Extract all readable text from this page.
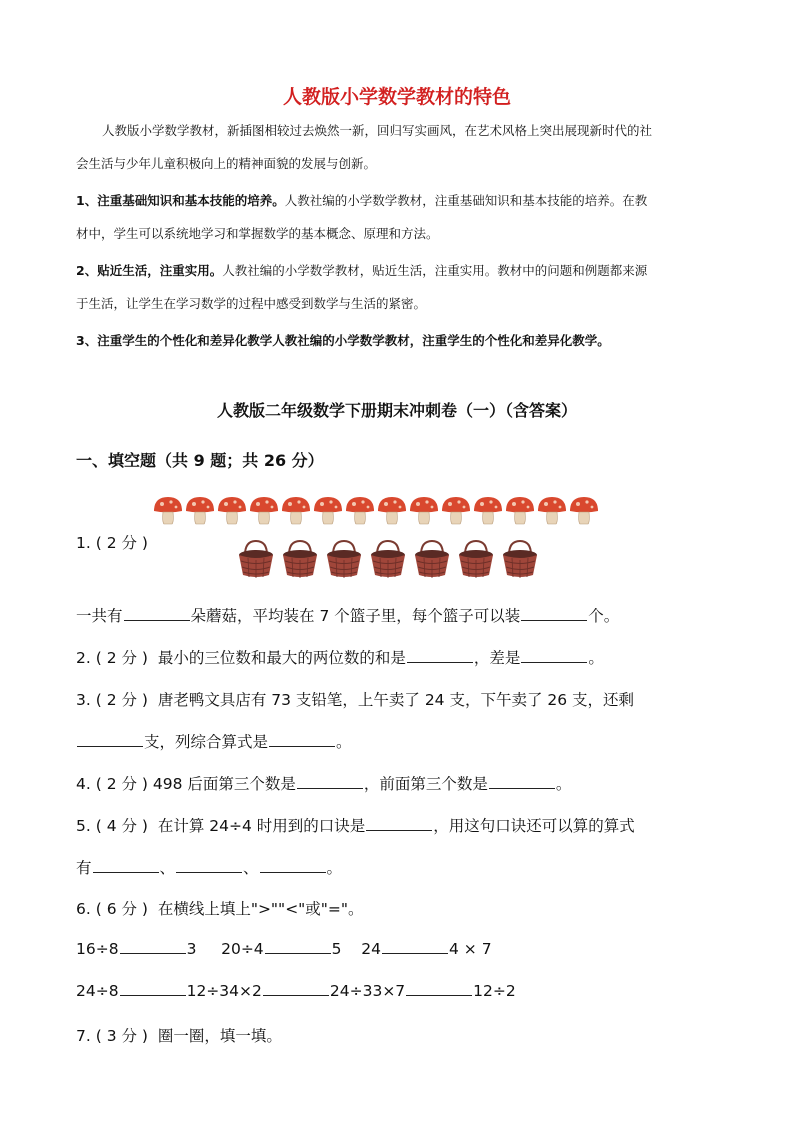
人教版小学数学教材的特色
人教版小学数学教材，新插图相较过去焕然一新，回归写实画风，在艺术风格上突出展现新时代的社
会生活与少年儿童积极向上的精神面貌的发展与创新。
1、注重基础知识和基本技能的培养。人教社编的小学数学教材，注重基础知识和基本技能的培养。在教
材中，学生可以系统地学习和掌握数学的基本概念、原理和方法。
2、贴近生活，注重实用。人教社编的小学数学教材，贴近生活，注重实用。教材中的问题和例题都来源
于生活，让学生在学习数学的过程中感受到数学与生活的紧密。
3、注重学生的个性化和差异化教学人教社编的小学数学教材，注重学生的个性化和差异化教学。
人教版二年级数学下册期末冲刺卷（一）（含答案）
一、填空题（共 9 题；共 26 分）
1. ( 2 分 )
一共有	朵蘑菇，平均装在 7 个篮子里，每个篮子可以装	个。
2. ( 2 分 ) 最小的三位数和最大的两位数的和是	，差是	。
3. ( 2 分 ) 唐老鸭文具店有 73 支铅笔，上午卖了 24 支，下午卖了 26 支，还剩
支，列综合算式是	。
4. ( 2 分 ) 498 后面第三个数是	，前面第三个数是	。
5. ( 4 分 ) 在计算 24÷4 时用到的口诀是	，用这句口诀还可以算的算式
有	、	、	。
6. ( 6 分 ) 在横线上填上">""<"或"="。
16÷8	3 20÷4	5 24	4 × 7
24÷8	12÷34×2	24÷33×7	12÷2
7. ( 3 分 ) 圈一圈，填一填。
